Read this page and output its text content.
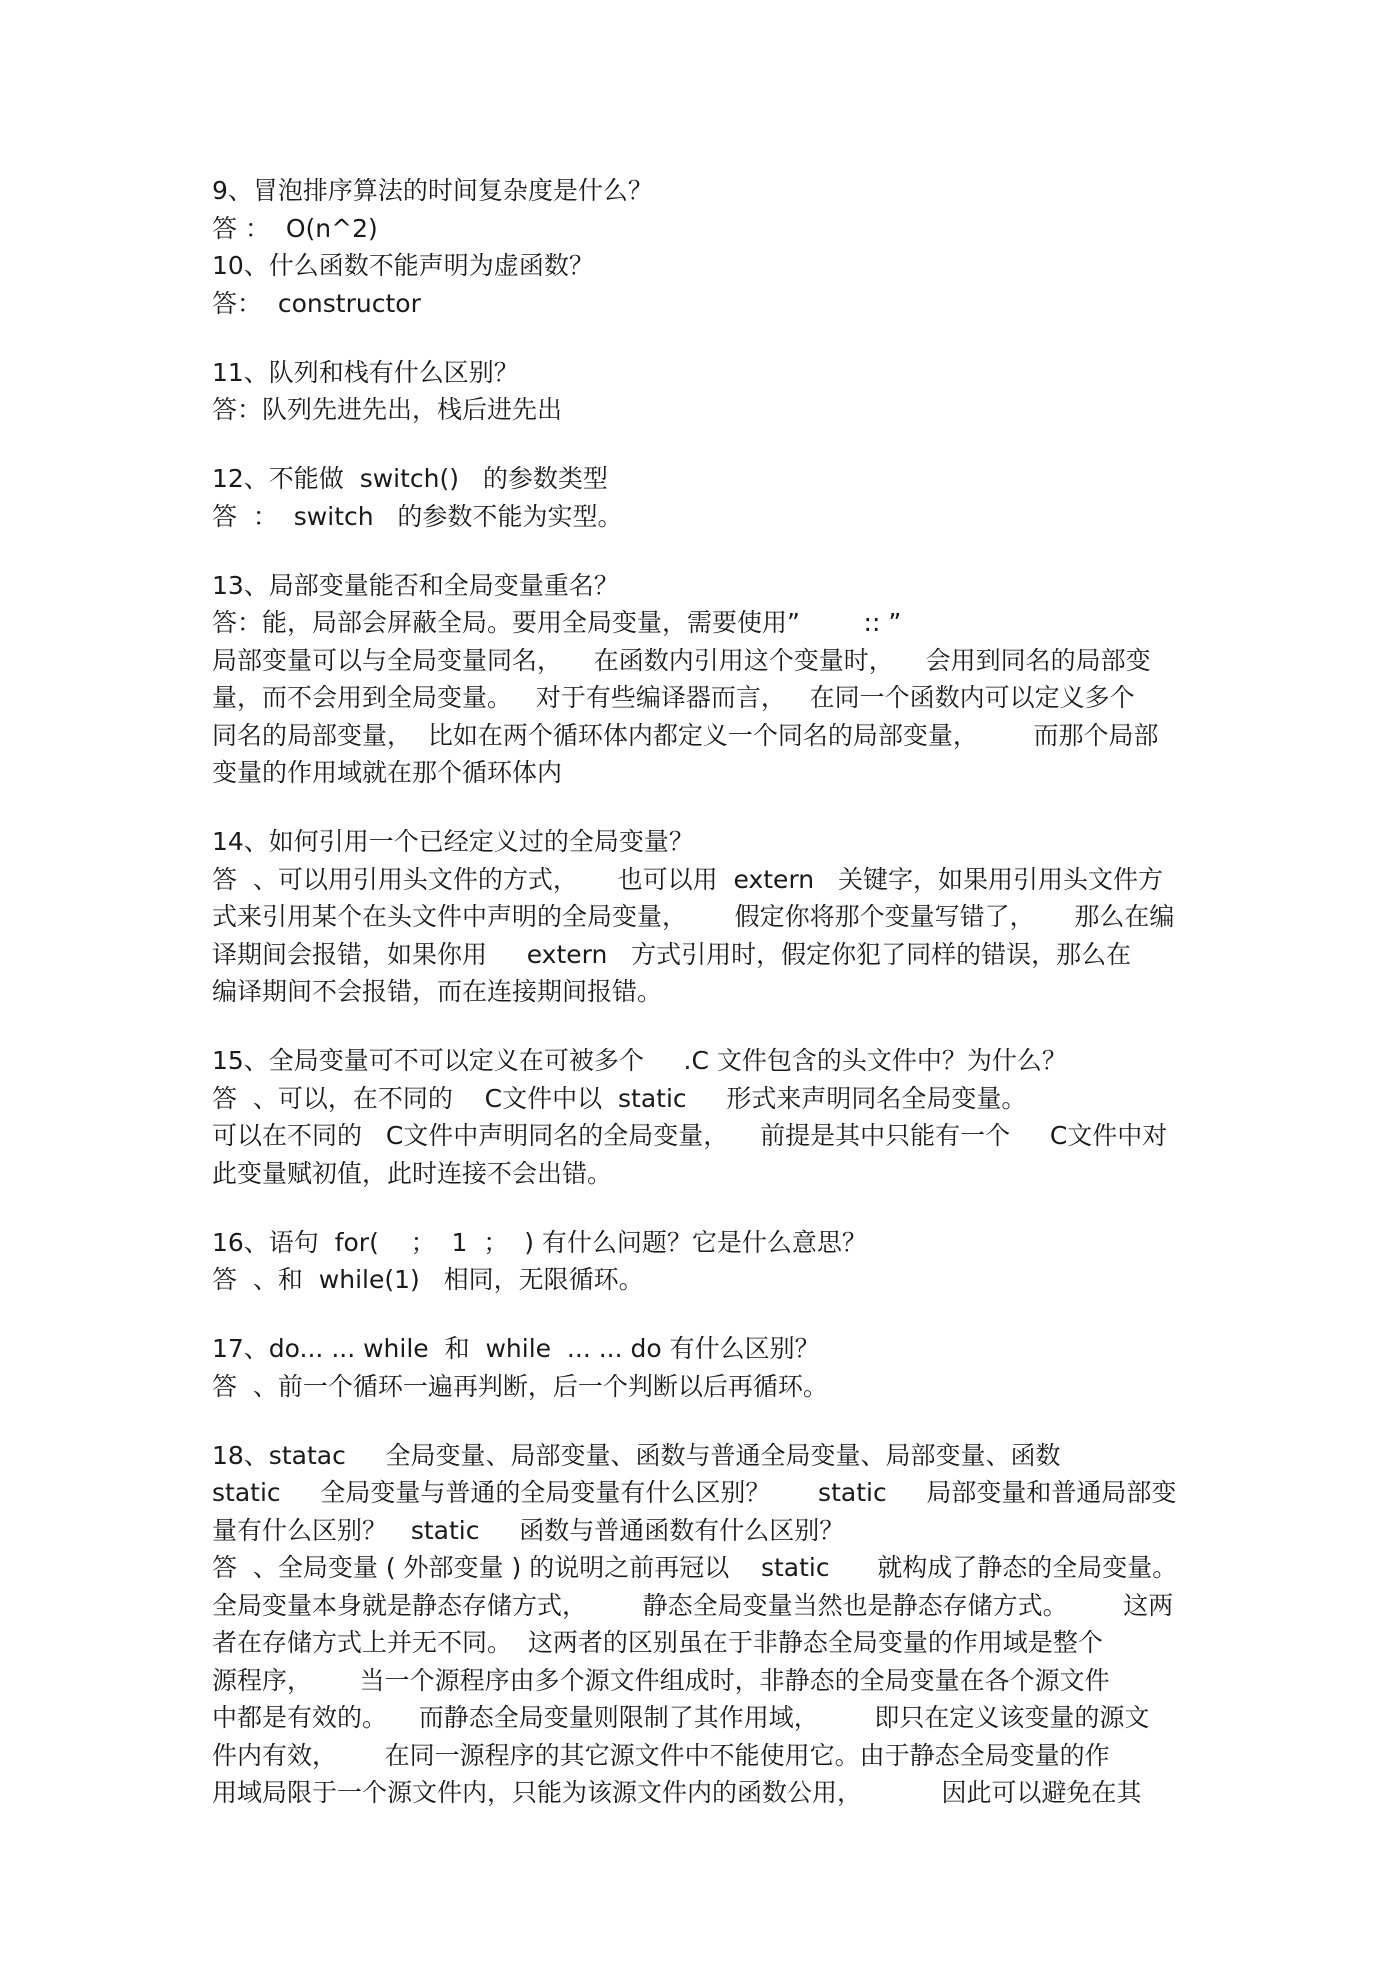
9、冒泡排序算法的时间复杂度是什么？
答 ：  O(n^2)
10、什么函数不能声明为虚函数？
答：  constructor
11、队列和栈有什么区别？
答：队列先进先出，栈后进先出
12、不能做  switch()   的参数类型
答  ：  switch   的参数不能为实型。
13、局部变量能否和全局变量重名？
答：能，局部会屏蔽全局。要用全局变量，需要使用”        :: ”
局部变量可以与全局变量同名，    在函数内引用这个变量时，    会用到同名的局部变
量，而不会用到全局变量。   对于有些编译器而言，   在同一个函数内可以定义多个
同名的局部变量，  比如在两个循环体内都定义一个同名的局部变量，       而那个局部
变量的作用域就在那个循环体内
14、如何引用一个已经定义过的全局变量？
答  、可以用引用头文件的方式，     也可以用  extern   关键字，如果用引用头文件方
式来引用某个在头文件中声明的全局变量，      假定你将那个变量写错了，     那么在编
译期间会报错，如果你用     extern   方式引用时，假定你犯了同样的错误，那么在
编译期间不会报错，而在连接期间报错。
15、全局变量可不可以定义在可被多个     .C 文件包含的头文件中？为什么？
答  、可以，在不同的    C文件中以  static     形式来声明同名全局变量。
可以在不同的   C文件中声明同名的全局变量，    前提是其中只能有一个     C文件中对
此变量赋初值，此时连接不会出错。
16、语句  for(    ；  1  ；  ) 有什么问题？它是什么意思？
答  、和  while(1)   相同，无限循环。
17、do... ... while  和  while  ... ... do 有什么区别？
答  、前一个循环一遍再判断，后一个判断以后再循环。
18、statac     全局变量、局部变量、函数与普通全局变量、局部变量、函数
static     全局变量与普通的全局变量有什么区别？      static     局部变量和普通局部变
量有什么区别？   static     函数与普通函数有什么区别？
答  、全局变量 ( 外部变量 ) 的说明之前再冠以    static      就构成了静态的全局变量。
全局变量本身就是静态存储方式，       静态全局变量当然也是静态存储方式。       这两
者在存储方式上并无不同。  这两者的区别虽在于非静态全局变量的作用域是整个
源程序，      当一个源程序由多个源文件组成时，非静态的全局变量在各个源文件
中都是有效的。    而静态全局变量则限制了其作用域，       即只在定义该变量的源文
件内有效，      在同一源程序的其它源文件中不能使用它。由于静态全局变量的作
用域局限于一个源文件内，只能为该源文件内的函数公用，          因此可以避免在其
